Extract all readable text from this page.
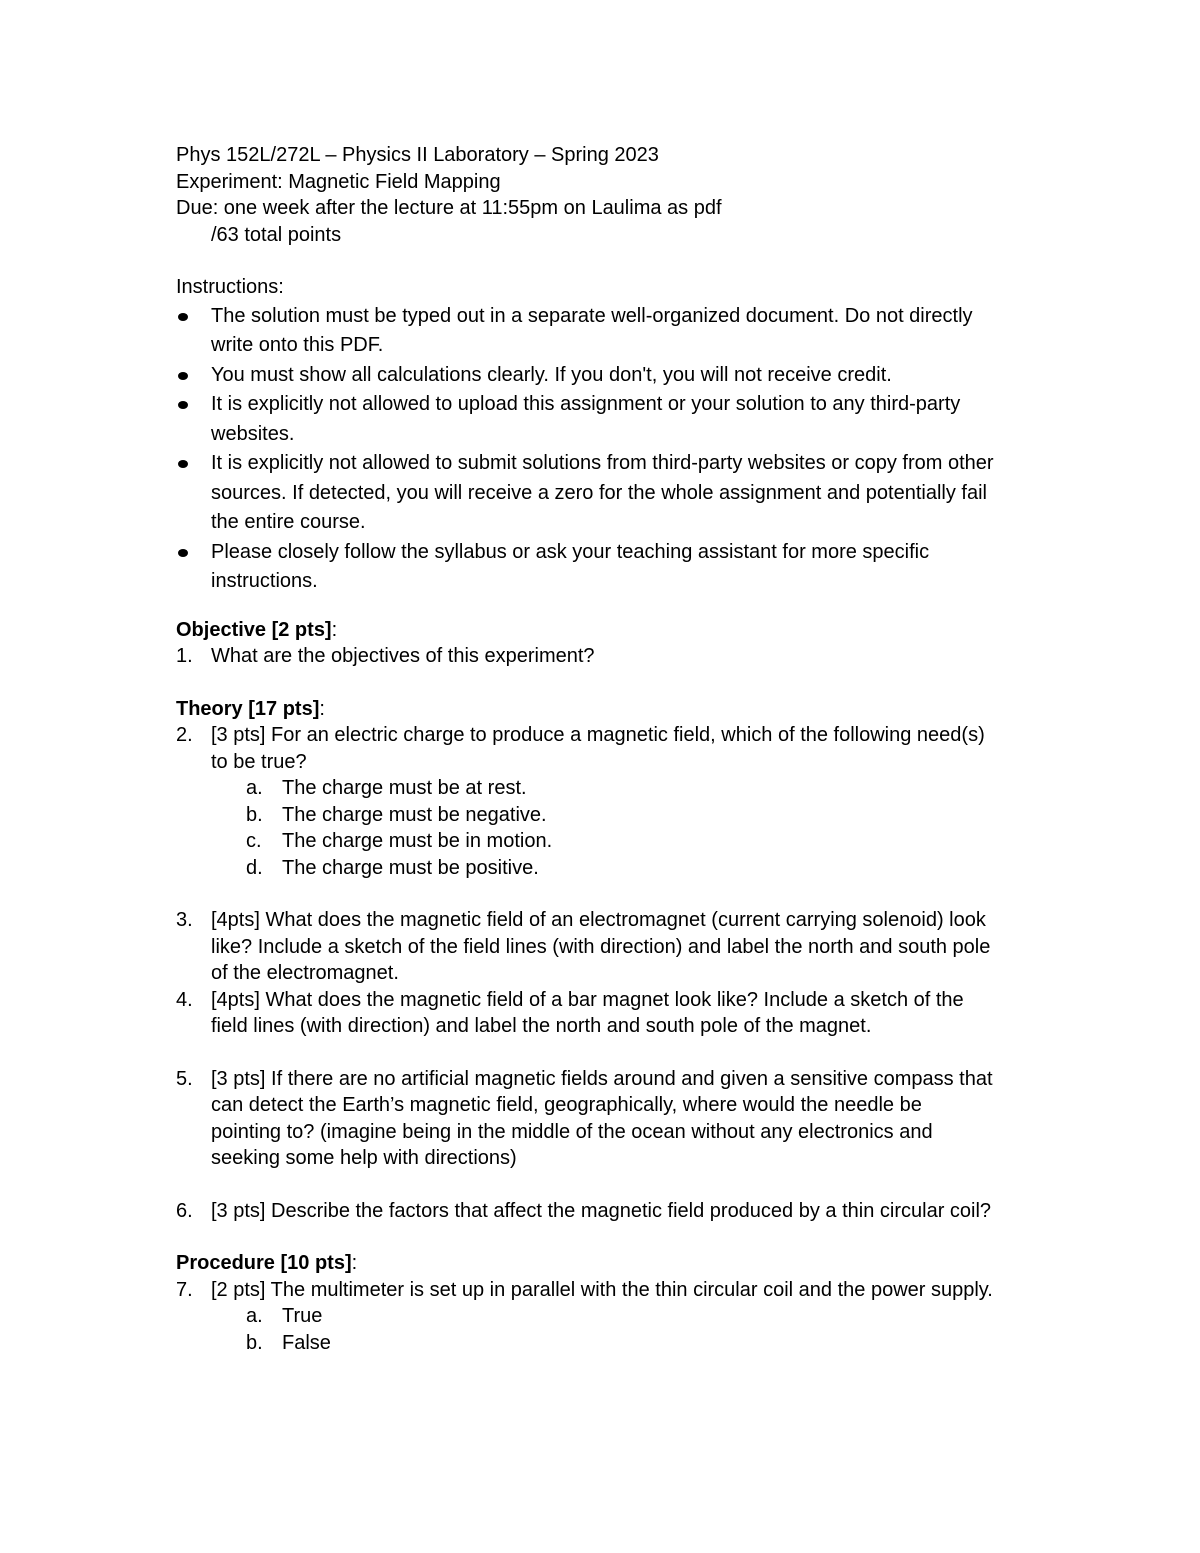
Phys 152L/272L – Physics II Laboratory – Spring 2023

Experiment: Magnetic Field Mapping

Due: one week after the lecture at 11:55pm on Laulima as pdf

/63 total points

Instructions:

The solution must be typed out in a separate well-organized document. Do not directly
write onto this PDF.
You must show all calculations clearly. If you don't, you will not receive credit.
It is explicitly not allowed to upload this assignment or your solution to any third-party
websites.
It is explicitly not allowed to submit solutions from third-party websites or copy from other
sources. If detected, you will receive a zero for the whole assignment and potentially fail
the entire course.
Please closely follow the syllabus or ask your teaching assistant for more specific
instructions.

Objective [2 pts]:

1. What are the objectives of this experiment?

Theory [17 pts]:

2. [3 pts] For an electric charge to produce a magnetic field, which of the following need(s)
to be true?
a. The charge must be at rest.
b. The charge must be negative.
c. The charge must be in motion.
d. The charge must be positive.
3. [4pts] What does the magnetic field of an electromagnet (current carrying solenoid) look
like? Include a sketch of the field lines (with direction) and label the north and south pole
of the electromagnet.
4. [4pts] What does the magnetic field of a bar magnet look like? Include a sketch of the
field lines (with direction) and label the north and south pole of the magnet.
5. [3 pts] If there are no artificial magnetic fields around and given a sensitive compass that
can detect the Earth’s magnetic field, geographically, where would the needle be
pointing to? (imagine being in the middle of the ocean without any electronics and
seeking some help with directions)
6. [3 pts] Describe the factors that affect the magnetic field produced by a thin circular coil?

Procedure [10 pts]:

7. [2 pts] The multimeter is set up in parallel with the thin circular coil and the power supply.
a. True
b. False
